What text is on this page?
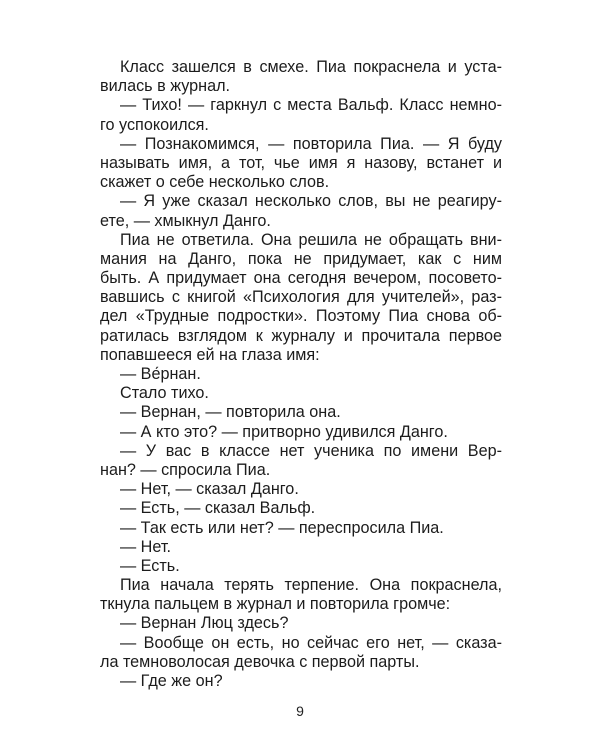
Класс зашелся в смехе. Пиа покраснела и уста-
вилась в журнал.
— Тихо! — гаркнул с места Вальф. Класс немно-
го успокоился.
— Познакомимся, — повторила Пиа. — Я буду
называть имя, а тот, чье имя я назову, встанет и
скажет о себе несколько слов.
— Я уже сказал несколько слов, вы не реагиру-
ете, — хмыкнул Данго.
Пиа не ответила. Она решила не обращать вни-
мания на Данго, пока не придумает, как с ним
быть. А придумает она сегодня вечером, посовето-
вавшись с книгой «Психология для учителей», раз-
дел «Трудные подростки». Поэтому Пиа снова об-
ратилась взглядом к журналу и прочитала первое
попавшееся ей на глаза имя:
— Ве́рнан.
Стало тихо.
— Вернан, — повторила она.
— А кто это? — притворно удивился Данго.
— У вас в классе нет ученика по имени Вер-
нан? — спросила Пиа.
— Нет, — сказал Данго.
— Есть, — сказал Вальф.
— Так есть или нет? — переспросила Пиа.
— Нет.
— Есть.
Пиа начала терять терпение. Она покраснела,
ткнула пальцем в журнал и повторила громче:
— Вернан Люц здесь?
— Вообще он есть, но сейчас его нет, — сказа-
ла темноволосая девочка с первой парты.
— Где же он?
9
